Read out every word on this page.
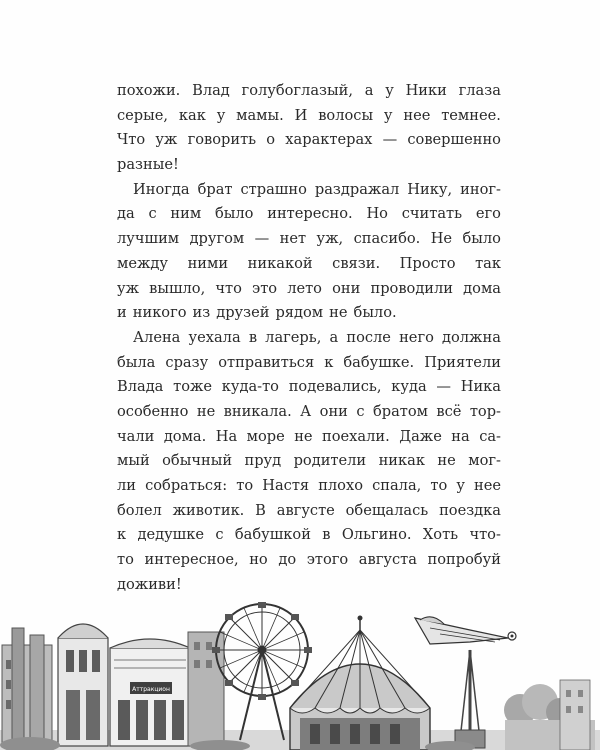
похожи. Влад голубоглазый, а у Ники глаза
серые, как у мамы. И волосы у нее темнее.
Что уж говорить о характерах — совершенно
разные!
Иногда брат страшно раздражал Нику, иног-
да с ним было интересно. Но считать его
лучшим другом — нет уж, спасибо. Не было
между ними никакой связи. Просто так
уж вышло, что это лето они проводили дома
и никого из друзей рядом не было.
Алена уехала в лагерь, а после него должна
была сразу отправиться к бабушке. Приятели
Влада тоже куда-то подевались, куда — Ника
особенно не вникала. А они с братом всё тор-
чали дома. На море не поехали. Даже на са-
мый обычный пруд родители никак не мог-
ли собраться: то Настя плохо спала, то у нее
болел животик. В августе обещалась поездка
к дедушке с бабушкой в Ольгино. Хоть что-
то интересное, но до этого августа попробуй
доживи!
Аттракцион
